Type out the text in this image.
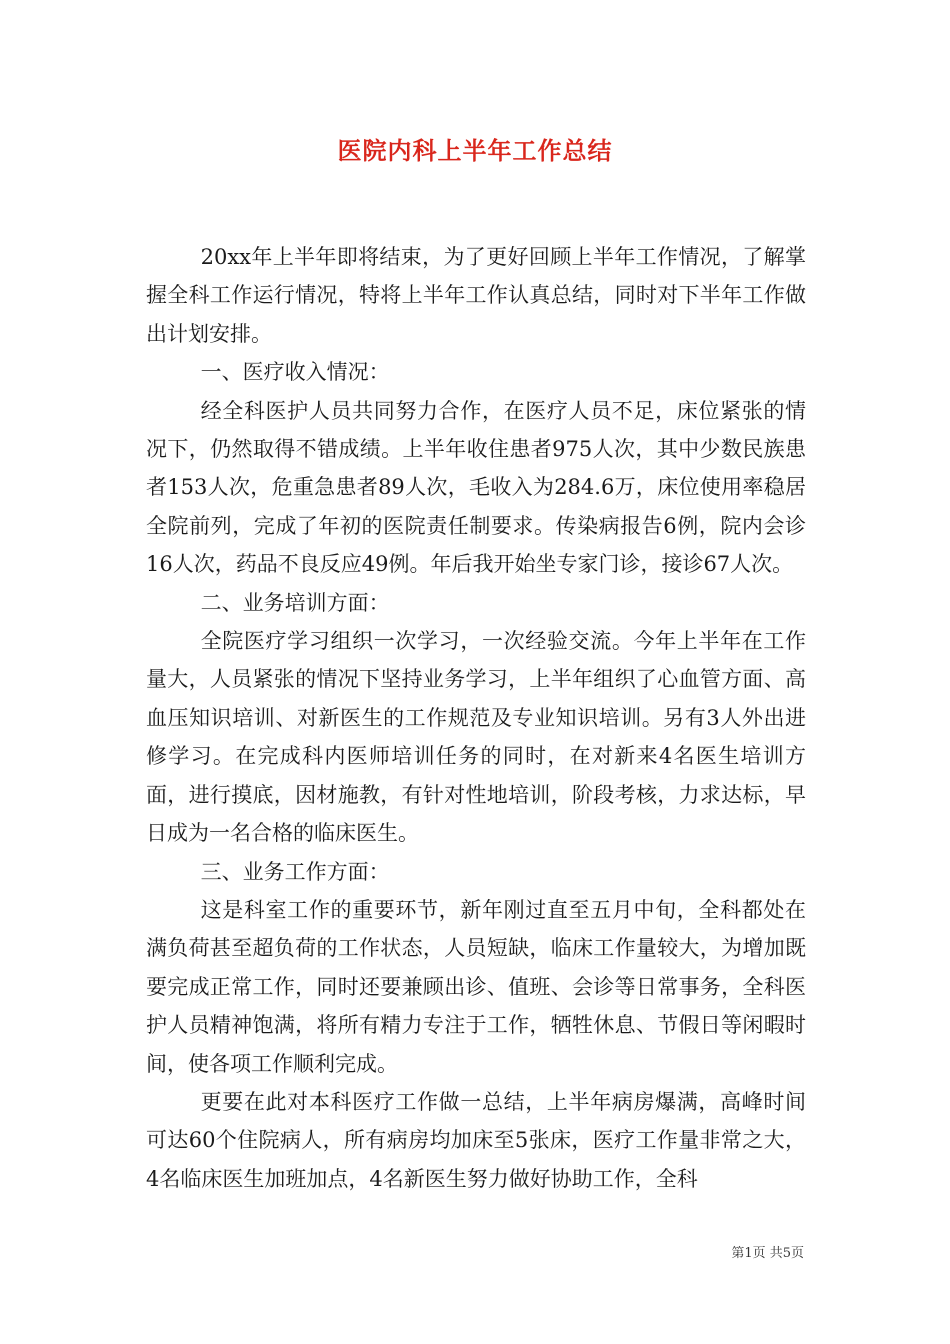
医院内科上半年工作总结

20xx年上半年即将结束，为了更好回顾上半年工作情况，了解掌握全科工作运行情况，特将上半年工作认真总结，同时对下半年工作做出计划安排。

一、医疗收入情况：

经全科医护人员共同努力合作，在医疗人员不足，床位紧张的情况下，仍然取得不错成绩。上半年收住患者975人次，其中少数民族患者153人次，危重急患者89人次，毛收入为284.6万，床位使用率稳居全院前列，完成了年初的医院责任制要求。传染病报告6例，院内会诊16人次，药品不良反应49例。年后我开始坐专家门诊，接诊67人次。

二、业务培训方面：

全院医疗学习组织一次学习，一次经验交流。今年上半年在工作量大，人员紧张的情况下坚持业务学习，上半年组织了心血管方面、高血压知识培训、对新医生的工作规范及专业知识培训。另有3人外出进修学习。在完成科内医师培训任务的同时，在对新来4名医生培训方面，进行摸底，因材施教，有针对性地培训，阶段考核，力求达标，早日成为一名合格的临床医生。

三、业务工作方面：

这是科室工作的重要环节，新年刚过直至五月中旬，全科都处在满负荷甚至超负荷的工作状态，人员短缺，临床工作量较大，为增加既要完成正常工作，同时还要兼顾出诊、值班、会诊等日常事务，全科医护人员精神饱满，将所有精力专注于工作，牺牲休息、节假日等闲暇时间，使各项工作顺利完成。

更要在此对本科医疗工作做一总结，上半年病房爆满，高峰时间可达60个住院病人，所有病房均加床至5张床，医疗工作量非常之大，4名临床医生加班加点，4名新医生努力做好协助工作，全科

第1页 共5页
